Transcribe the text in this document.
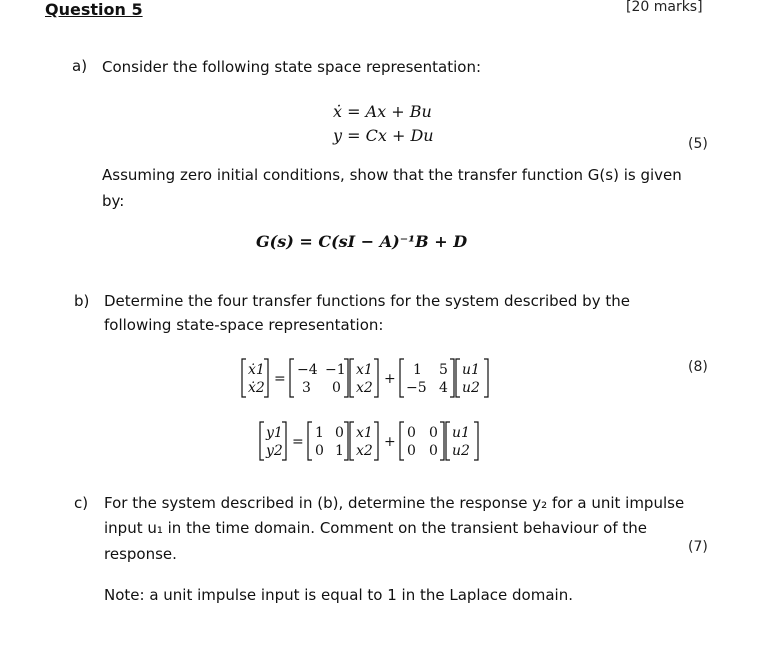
Question 5	[20 marks]
a) Consider the following state space representation:
ẋ = Ax + Bu
y = Cx + Du	(5)
Assuming zero initial conditions, show that the transfer function G(s) is given
by:
G(s) = C(sI − A)⁻¹B + D
b) Determine the four transfer functions for the system described by the
following state-space representation:
(8)
ẋ1
ẋ2
=
−4 −1
3 0
x1
x2
+
1 5
−5 4
u1
u2
y1
y2
=
1 0
0 1
x1
x2
+
0 0
0 0
u1
u2
c) For the system described in (b), determine the response y₂ for a unit impulse
input u₁ in the time domain. Comment on the transient behaviour of the
response.	(7)
Note: a unit impulse input is equal to 1 in the Laplace domain.
